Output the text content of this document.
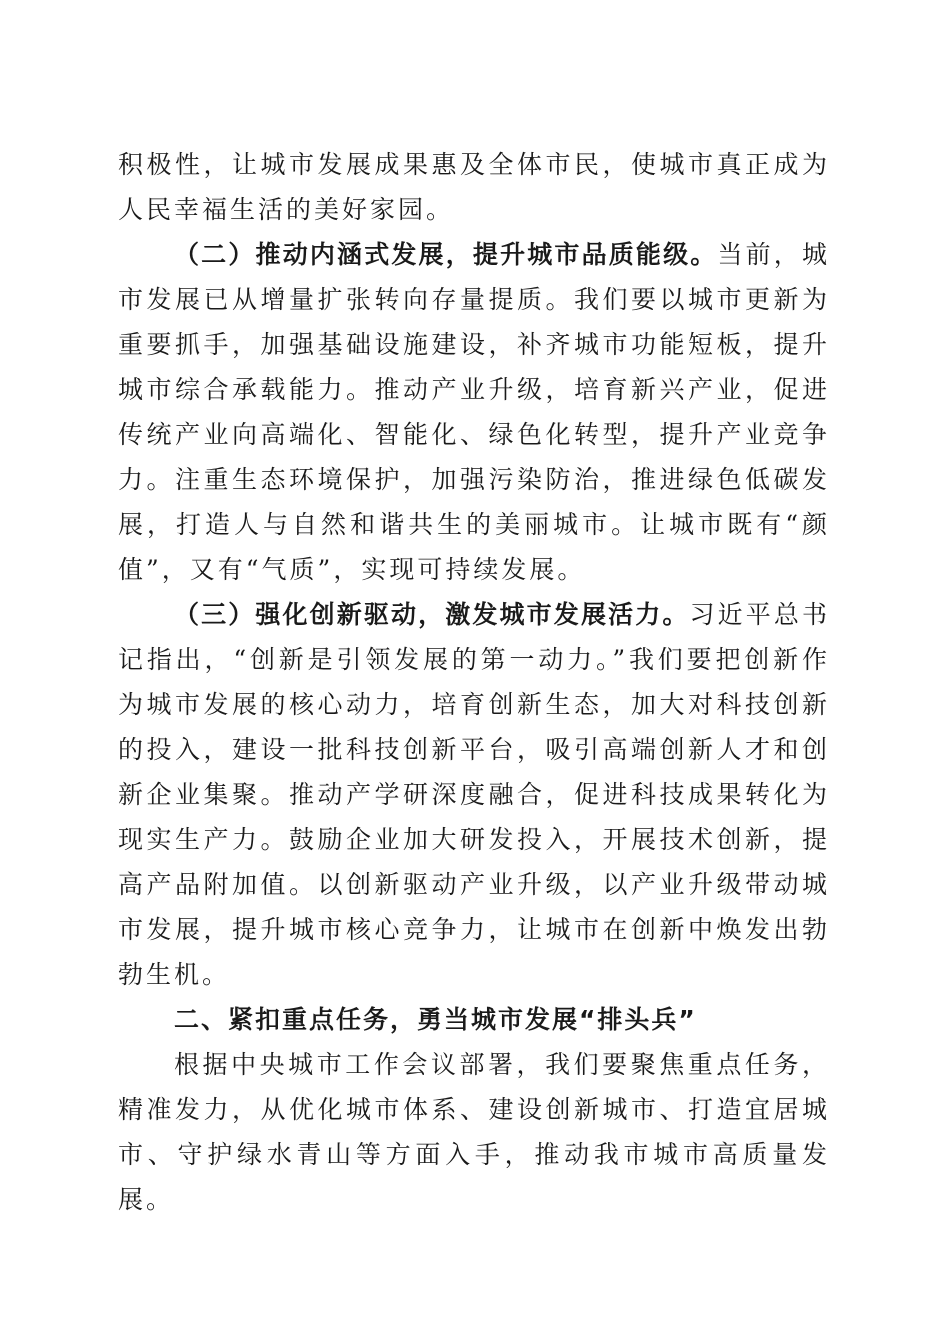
积极性，让城市发展成果惠及全体市民，使城市真正成为人民幸福生活的美好家园。

（二）推动内涵式发展，提升城市品质能级。当前，城市发展已从增量扩张转向存量提质。我们要以城市更新为重要抓手，加强基础设施建设，补齐城市功能短板，提升城市综合承载能力。推动产业升级，培育新兴产业，促进传统产业向高端化、智能化、绿色化转型，提升产业竞争力。注重生态环境保护，加强污染防治，推进绿色低碳发展，打造人与自然和谐共生的美丽城市。让城市既有“颜值”，又有“气质”，实现可持续发展。

（三）强化创新驱动，激发城市发展活力。习近平总书记指出，“创新是引领发展的第一动力。”我们要把创新作为城市发展的核心动力，培育创新生态，加大对科技创新的投入，建设一批科技创新平台，吸引高端创新人才和创新企业集聚。推动产学研深度融合，促进科技成果转化为现实生产力。鼓励企业加大研发投入，开展技术创新，提高产品附加值。以创新驱动产业升级，以产业升级带动城市发展，提升城市核心竞争力，让城市在创新中焕发出勃勃生机。

二、紧扣重点任务，勇当城市发展“排头兵”

根据中央城市工作会议部署，我们要聚焦重点任务，精准发力，从优化城市体系、建设创新城市、打造宜居城市、守护绿水青山等方面入手，推动我市城市高质量发展。
